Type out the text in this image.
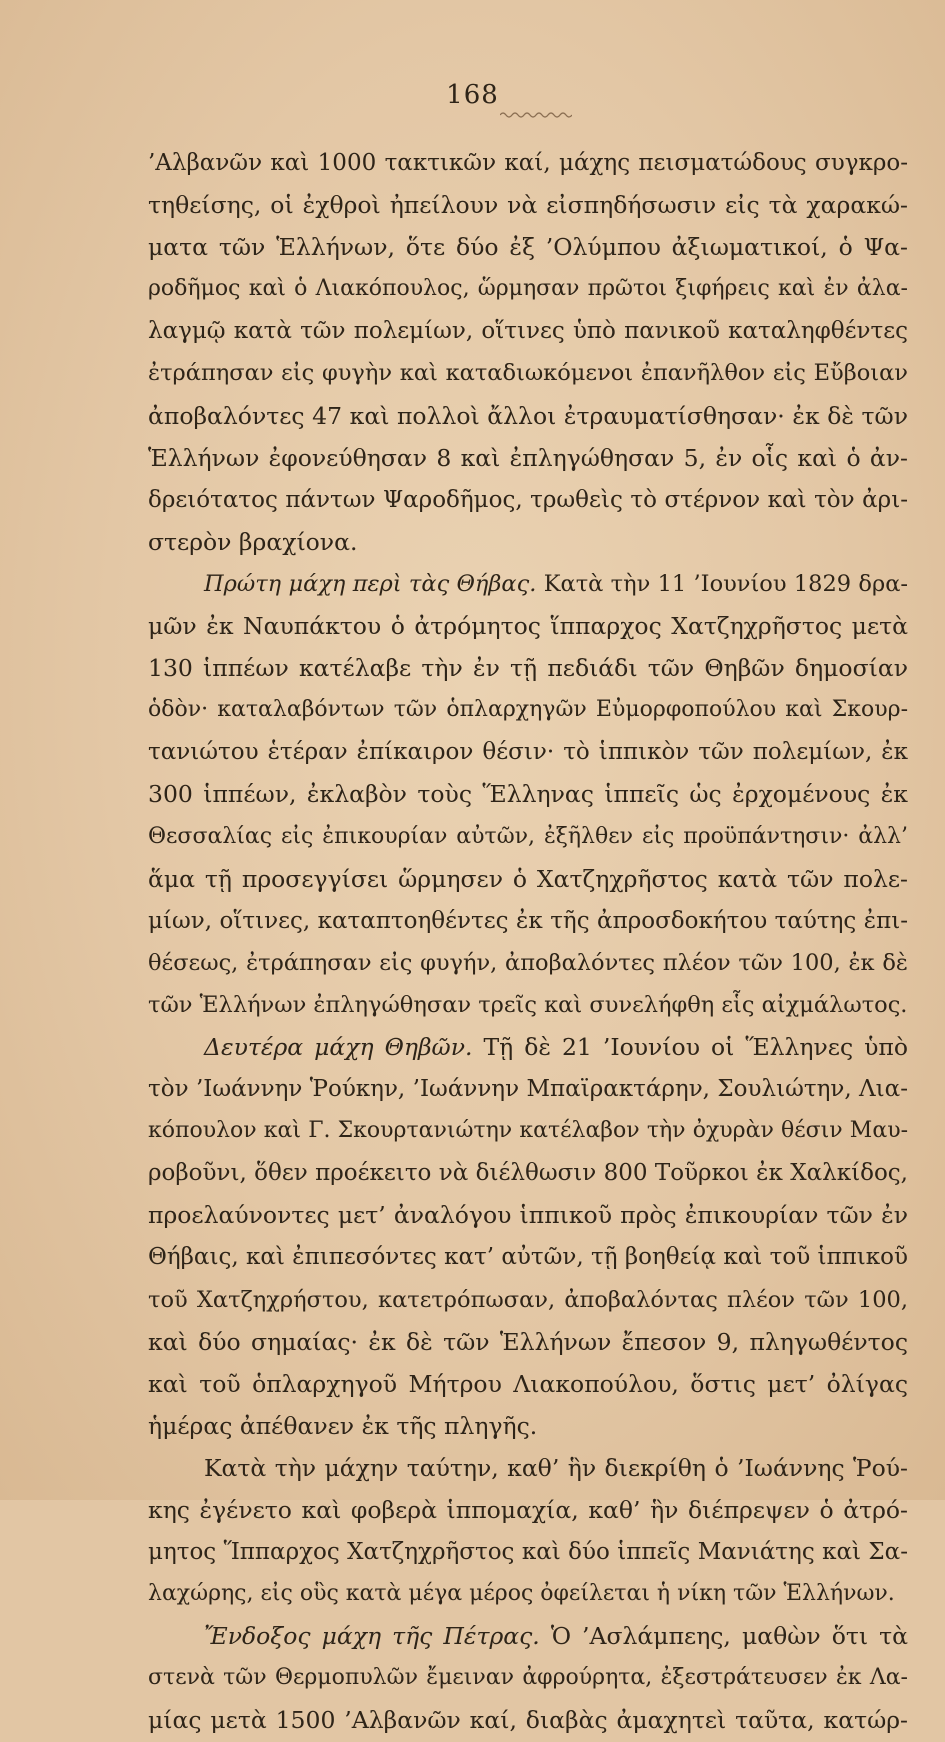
168
’Αλβανῶν καὶ 1000 τακτικῶν καί, μάχης πεισματώδους συγκρο-
τηθείσης, οἱ ἐχθροὶ ἠπείλουν νὰ εἰσπηδήσωσιν εἰς τὰ χαρακώ-
ματα τῶν Ἑλλήνων, ὅτε δύο ἐξ ’Ολύμπου ἀξιωματικοί, ὁ Ψα-
ροδῆμος καὶ ὁ Λιακόπουλος, ὥρμησαν πρῶτοι ξιφήρεις καὶ ἐν ἀλα-
λαγμῷ κατὰ τῶν πολεμίων, οἵτινες ὑπὸ πανικοῦ καταληφθέντες
ἐτράπησαν εἰς φυγὴν καὶ καταδιωκόμενοι ἐπανῆλθον εἰς Εὔβοιαν
ἀποβαλόντες 47 καὶ πολλοὶ ἄλλοι ἐτραυματίσθησαν· ἐκ δὲ τῶν
Ἑλλήνων ἐφονεύθησαν 8 καὶ ἐπληγώθησαν 5, ἐν οἷς καὶ ὁ ἀν-
δρειότατος πάντων Ψαροδῆμος, τρωθεὶς τὸ στέρνον καὶ τὸν ἀρι-
στερὸν βραχίονα.
Πρώτη μάχη περὶ τὰς Θήβας. Κατὰ τὴν 11 ’Ιουνίου 1829 δρα-
μῶν ἐκ Ναυπάκτου ὁ ἀτρόμητος ἵππαρχος Χατζηχρῆστος μετὰ
130 ἱππέων κατέλαβε τὴν ἐν τῇ πεδιάδι τῶν Θηβῶν δημοσίαν
ὁδὸν· καταλαβόντων τῶν ὁπλαρχηγῶν Εὐμορφοπούλου καὶ Σκουρ-
τανιώτου ἑτέραν ἐπίκαιρον θέσιν· τὸ ἱππικὸν τῶν πολεμίων, ἐκ
300 ἱππέων, ἐκλαβὸν τοὺς Ἕλληνας ἱππεῖς ὡς ἐρχομένους ἐκ
Θεσσαλίας εἰς ἐπικουρίαν αὐτῶν, ἐξῆλθεν εἰς προϋπάντησιν· ἀλλ’
ἅμα τῇ προσεγγίσει ὥρμησεν ὁ Χατζηχρῆστος κατὰ τῶν πολε-
μίων, οἵτινες, καταπτοηθέντες ἐκ τῆς ἀπροσδοκήτου ταύτης ἐπι-
θέσεως, ἐτράπησαν εἰς φυγήν, ἀποβαλόντες πλέον τῶν 100, ἐκ δὲ
τῶν Ἑλλήνων ἐπληγώθησαν τρεῖς καὶ συνελήφθη εἷς αἰχμάλωτος.
Δευτέρα μάχη Θηβῶν. Τῇ δὲ 21 ’Ιουνίου οἱ Ἕλληνες ὑπὸ
τὸν ’Ιωάννην Ῥούκην, ’Ιωάννην Μπαϊρακτάρην, Σουλιώτην, Λια-
κόπουλον καὶ Γ. Σκουρτανιώτην κατέλαβον τὴν ὀχυρὰν θέσιν Μαυ-
ροβοῦνι, ὅθεν προέκειτο νὰ διέλθωσιν 800 Τοῦρκοι ἐκ Χαλκίδος,
προελαύνοντες μετ’ ἀναλόγου ἱππικοῦ πρὸς ἐπικουρίαν τῶν ἐν
Θήβαις, καὶ ἐπιπεσόντες κατ’ αὐτῶν, τῇ βοηθείᾳ καὶ τοῦ ἱππικοῦ
τοῦ Χατζηχρήστου, κατετρόπωσαν, ἀποβαλόντας πλέον τῶν 100,
καὶ δύο σημαίας· ἐκ δὲ τῶν Ἑλλήνων ἔπεσον 9, πληγωθέντος
καὶ τοῦ ὁπλαρχηγοῦ Μήτρου Λιακοπούλου, ὅστις μετ’ ὀλίγας
ἡμέρας ἀπέθανεν ἐκ τῆς πληγῆς.
Κατὰ τὴν μάχην ταύτην, καθ’ ἣν διεκρίθη ὁ ’Ιωάννης Ῥού-
κης ἐγένετο καὶ φοβερὰ ἱππομαχία, καθ’ ἣν διέπρεψεν ὁ ἀτρό-
μητος Ἵππαρχος Χατζηχρῆστος καὶ δύο ἱππεῖς Μανιάτης καὶ Σα-
λαχώρης, εἰς οὓς κατὰ μέγα μέρος ὀφείλεται ἡ νίκη τῶν Ἑλλήνων.
Ἔνδοξος μάχη τῆς Πέτρας. Ὁ ’Ασλάμπεης, μαθὼν ὅτι τὰ
στενὰ τῶν Θερμοπυλῶν ἔμειναν ἀφρούρητα, ἐξεστράτευσεν ἐκ Λα-
μίας μετὰ 1500 ’Αλβανῶν καί, διαβὰς ἀμαχητεὶ ταῦτα, κατώρ-
